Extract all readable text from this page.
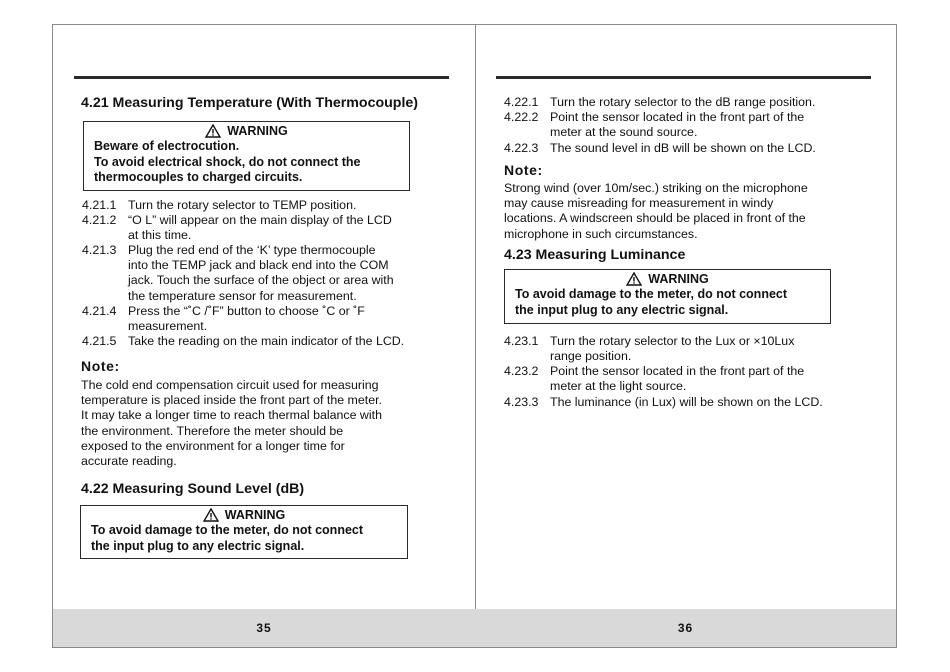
4.21 Measuring Temperature (With Thermocouple)
WARNING
Beware of electrocution.
To avoid electrical shock, do not connect the
thermocouples to charged circuits.
4.21.1 Turn the rotary selector to TEMP position.
4.21.2 “O L” will appear on the main display of the LCD
at this time.
4.21.3 Plug the red end of the ‘K’ type thermocouple
into the TEMP jack and black end into the COM
jack. Touch the surface of the object or area with
the temperature sensor for measurement.
4.21.4 Press the “˚C /˚F” button to choose ˚C or ˚F
measurement.
4.21.5 Take the reading on the main indicator of the LCD.
Note:
The cold end compensation circuit used for measuring
temperature is placed inside the front part of the meter.
It may take a longer time to reach thermal balance with
the environment. Therefore the meter should be
exposed to the environment for a longer time for
accurate reading.
4.22 Measuring Sound Level (dB)
WARNING
To avoid damage to the meter, do not connect
the input plug to any electric signal.
35
4.22.1 Turn the rotary selector to the dB range position.
4.22.2 Point the sensor located in the front part of the
meter at the sound source.
4.22.3 The sound level in dB will be shown on the LCD.
Note:
Strong wind (over 10m/sec.) striking on the microphone
may cause misreading for measurement in windy
locations. A windscreen should be placed in front of the
microphone in such circumstances.
4.23 Measuring Luminance
WARNING
To avoid damage to the meter, do not connect
the input plug to any electric signal.
4.23.1 Turn the rotary selector to the Lux or ×10Lux
range position.
4.23.2 Point the sensor located in the front part of the
meter at the light source.
4.23.3 The luminance (in Lux) will be shown on the LCD.
36
